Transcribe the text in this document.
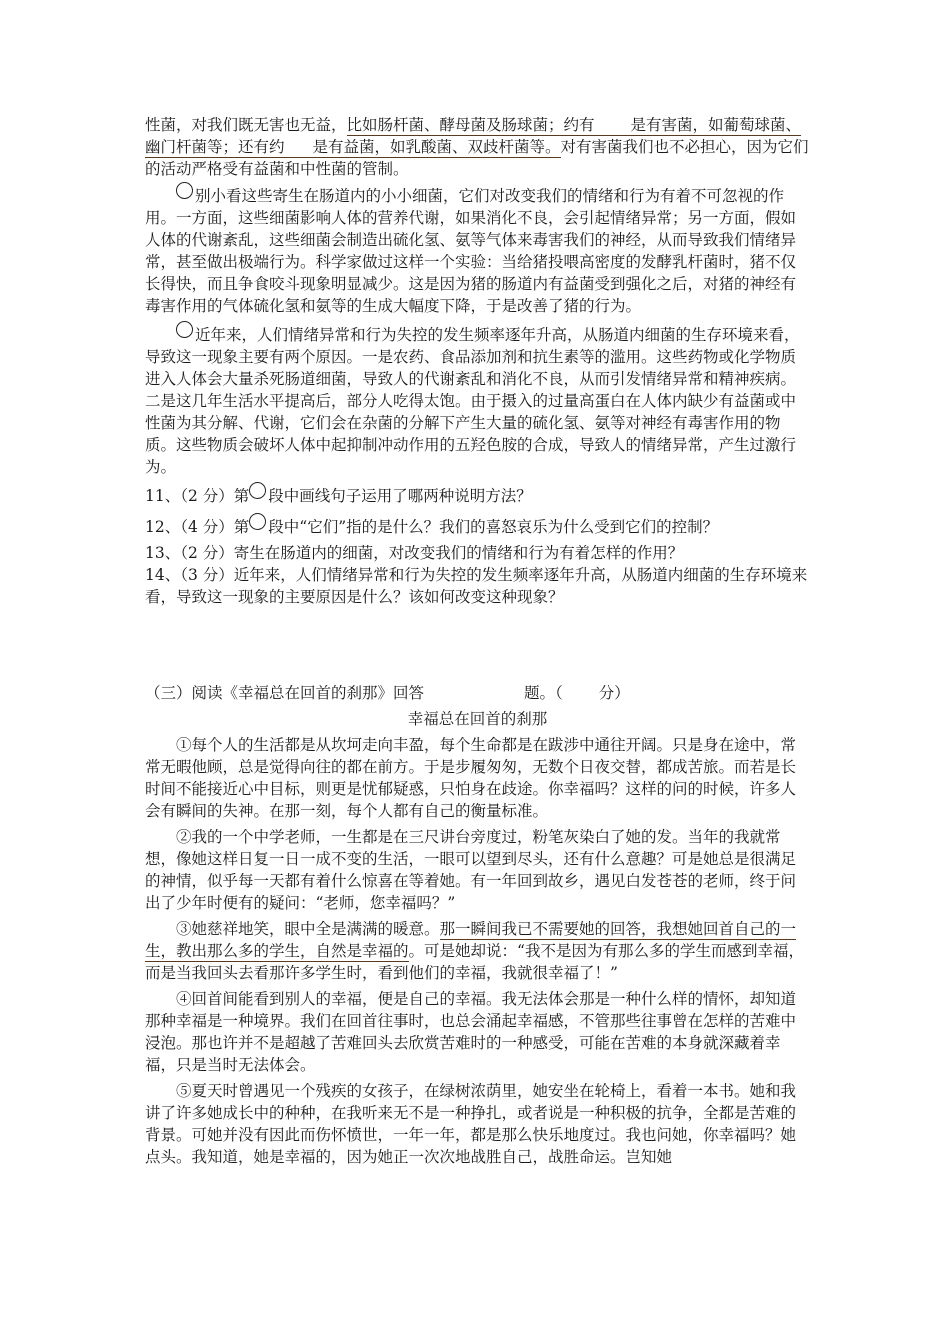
性菌，对我们既无害也无益，比如肠杆菌、酵母菌及肠球菌；约有 是有害菌，如葡萄球菌、幽门杆菌等；还有约 是有益菌，如乳酸菌、双歧杆菌等。对有害菌我们也不必担心，因为它们的活动严格受有益菌和中性菌的管制。

别小看这些寄生在肠道内的小小细菌，它们对改变我们的情绪和行为有着不可忽视的作用。一方面，这些细菌影响人体的营养代谢，如果消化不良，会引起情绪异常；另一方面，假如人体的代谢紊乱，这些细菌会制造出硫化氢、氨等气体来毒害我们的神经，从而导致我们情绪异常，甚至做出极端行为。科学家做过这样一个实验：当给猪投喂高密度的发酵乳杆菌时，猪不仅长得快，而且争食咬斗现象明显减少。这是因为猪的肠道内有益菌受到强化之后，对猪的神经有毒害作用的气体硫化氢和氨等的生成大幅度下降，于是改善了猪的行为。

近年来，人们情绪异常和行为失控的发生频率逐年升高，从肠道内细菌的生存环境来看，导致这一现象主要有两个原因。一是农药、食品添加剂和抗生素等的滥用。这些药物或化学物质进入人体会大量杀死肠道细菌，导致人的代谢紊乱和消化不良，从而引发情绪异常和精神疾病。二是这几年生活水平提高后，部分人吃得太饱。由于摄入的过量高蛋白在人体内缺少有益菌或中性菌为其分解、代谢，它们会在杂菌的分解下产生大量的硫化氢、氨等对神经有毒害作用的物质。这些物质会破坏人体中起抑制冲动作用的五羟色胺的合成，导致人的情绪异常，产生过激行为。

11、（2 分）第 段中画线句子运用了哪两种说明方法？

12、（4 分）第 段中“它们”指的是什么？我们的喜怒哀乐为什么受到它们的控制？

13、（2 分）寄生在肠道内的细菌，对改变我们的情绪和行为有着怎样的作用？

14、（3 分）近年来，人们情绪异常和行为失控的发生频率逐年升高，从肠道内细菌的生存环境来看，导致这一现象的主要原因是什么？该如何改变这种现象？

（三）阅读《幸福总在回首的刹那》回答	题。（ 分）

幸福总在回首的刹那

①每个人的生活都是从坎坷走向丰盈，每个生命都是在跋涉中通往开阔。只是身在途中，常常无暇他顾，总是觉得向往的都在前方。于是步履匆匆，无数个日夜交替，都成苦旅。而若是长时间不能接近心中目标，则更是忧郁疑惑，只怕身在歧途。你幸福吗？这样的问的时候，许多人会有瞬间的失神。在那一刻，每个人都有自己的衡量标准。

②我的一个中学老师，一生都是在三尺讲台旁度过，粉笔灰染白了她的发。当年的我就常想，像她这样日复一日一成不变的生活，一眼可以望到尽头，还有什么意趣？可是她总是很满足的神情，似乎每一天都有着什么惊喜在等着她。有一年回到故乡，遇见白发苍苍的老师，终于问出了少年时便有的疑问：“老师，您幸福吗？”

③她慈祥地笑，眼中全是满满的暖意。那一瞬间我已不需要她的回答，我想她回首自己的一生，教出那么多的学生，自然是幸福的。可是她却说：“我不是因为有那么多的学生而感到幸福，而是当我回头去看那许多学生时，看到他们的幸福，我就很幸福了！”

④回首间能看到别人的幸福，便是自己的幸福。我无法体会那是一种什么样的情怀，却知道那种幸福是一种境界。我们在回首往事时，也总会涌起幸福感，不管那些往事曾在怎样的苦难中浸泡。那也许并不是超越了苦难回头去欣赏苦难时的一种感受，可能在苦难的本身就深藏着幸福，只是当时无法体会。

⑤夏天时曾遇见一个残疾的女孩子，在绿树浓荫里，她安坐在轮椅上，看着一本书。她和我讲了许多她成长中的种种，在我听来无不是一种挣扎，或者说是一种积极的抗争，全都是苦难的背景。可她并没有因此而伤怀愤世，一年一年，都是那么快乐地度过。我也问她，你幸福吗？她点头。我知道，她是幸福的，因为她正一次次地战胜自己，战胜命运。岂知她
